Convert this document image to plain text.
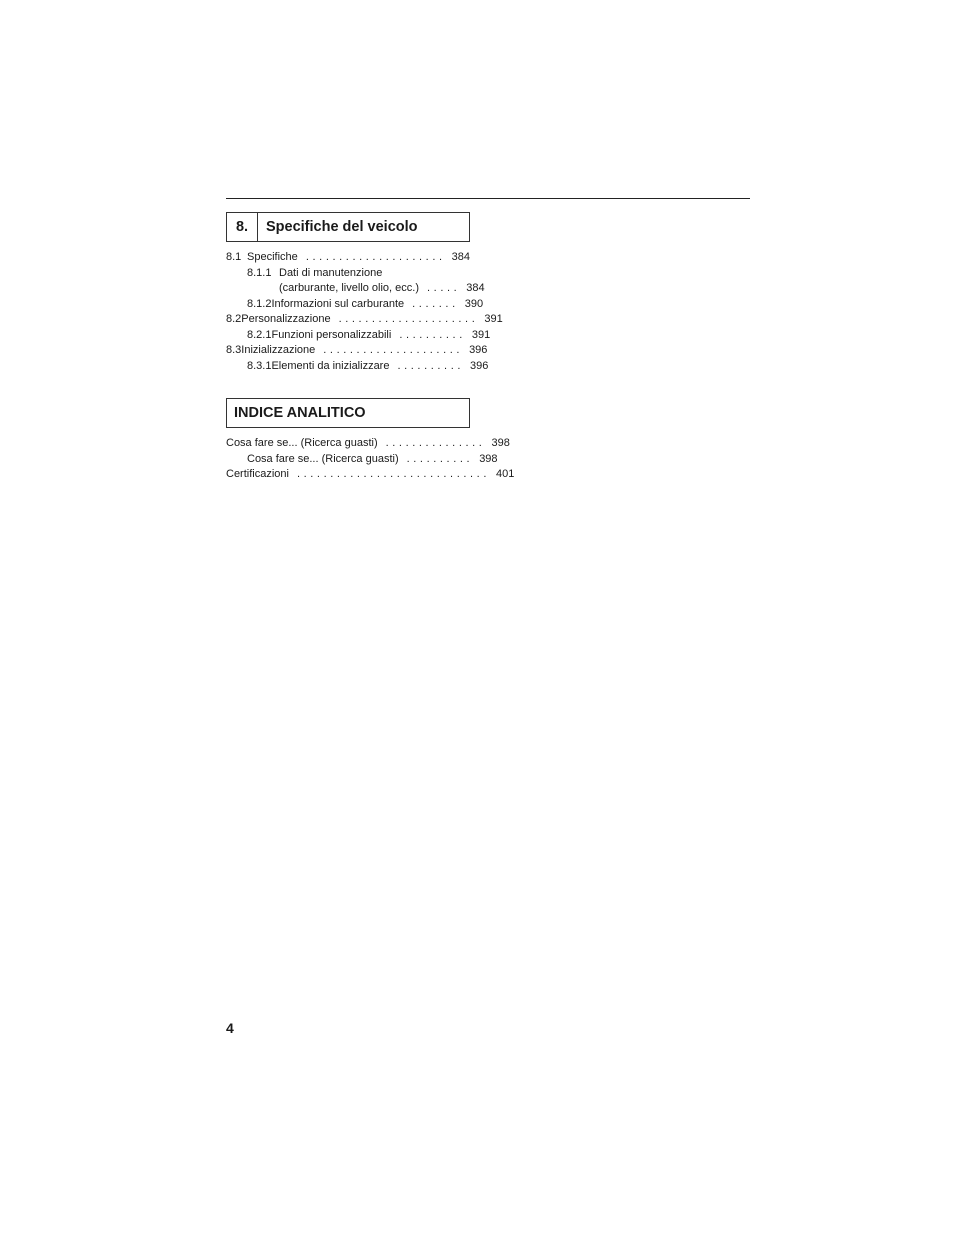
8.	Specifiche del veicolo
8.1 Specifiche ..................... 384
8.1.1 Dati di manutenzione
(carburante, livello olio, ecc.) ..... 384
8.1.2 Informazioni sul carburante ....... 390
8.2 Personalizzazione ..................... 391
8.2.1 Funzioni personalizzabili .......... 391
8.3 Inizializzazione ..................... 396
8.3.1 Elementi da inizializzare .......... 396
INDICE ANALITICO
Cosa fare se... (Ricerca guasti) ............... 398
Cosa fare se... (Ricerca guasti) .......... 398
Certificazioni ............................. 401
4
